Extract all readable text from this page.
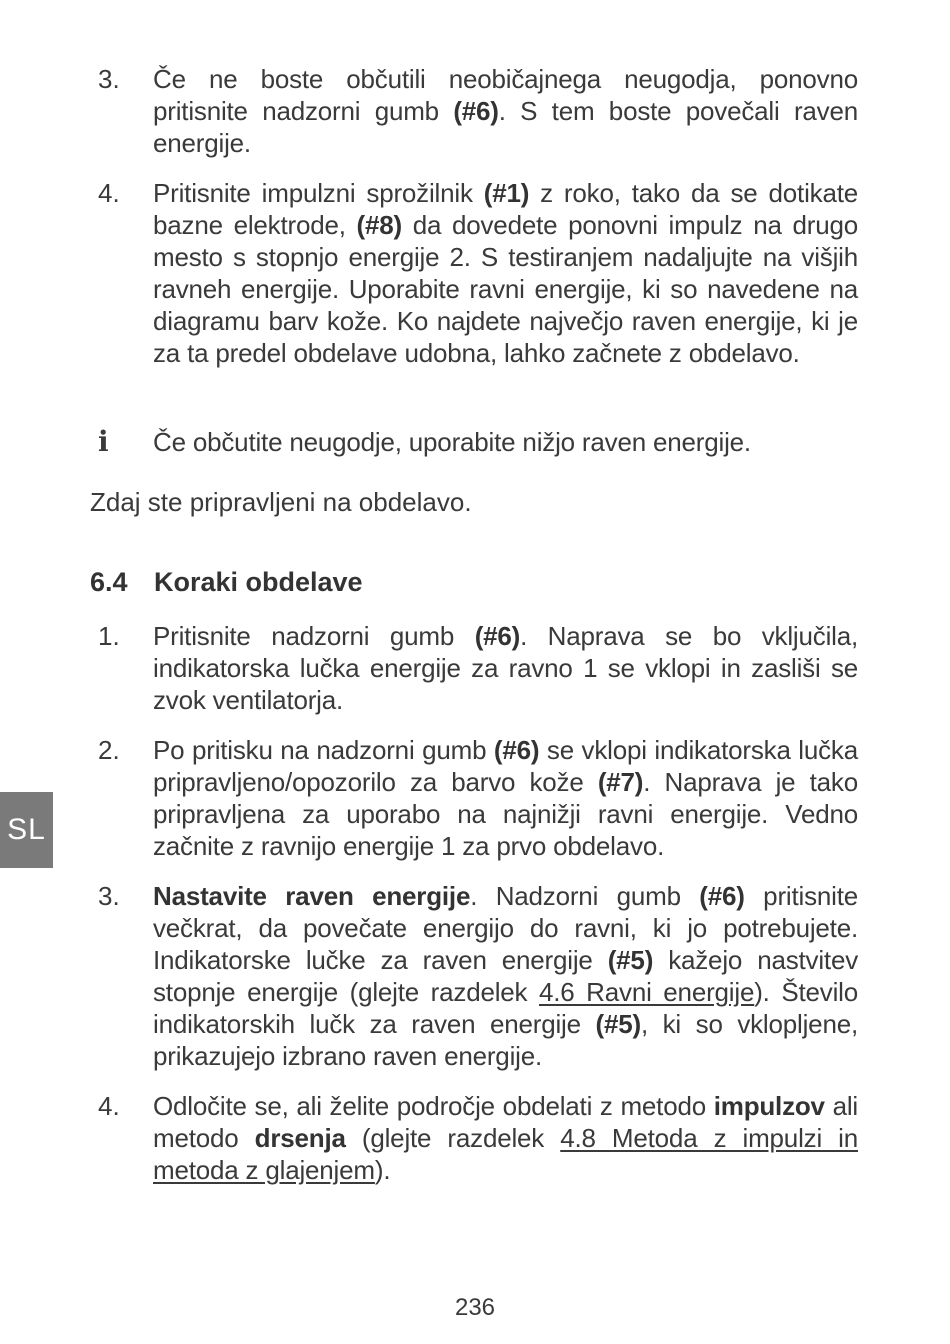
3.	Če ne boste občutili neobičajnega neugodja, ponovno pritisnite nadzorni gumb (#6). S tem boste povečali raven energije.
4.	Pritisnite impulzni sprožilnik (#1) z roko, tako da se dotikate bazne elektrode, (#8) da dovedete ponovni impulz na drugo mesto s stopnjo energije 2. S testiranjem nadaljujte na višjih ravneh energije. Uporabite ravni energije, ki so navedene na diagramu barv kože. Ko najdete največjo raven energije, ki je za ta predel obdelave udobna, lahko začnete z obdelavo.
i	Če občutite neugodje, uporabite nižjo raven energije.
Zdaj ste pripravljeni na obdelavo.
6.4 Koraki obdelave
1.	Pritisnite nadzorni gumb (#6). Naprava se bo vključila, indikatorska lučka energije za ravno 1 se vklopi in zasliši se zvok ventilatorja.
2.	Po pritisku na nadzorni gumb (#6) se vklopi indikatorska lučka pripravljeno/opozorilo za barvo kože (#7). Naprava je tako pripravljena za uporabo na najnižji ravni energije. Vedno začnite z ravnijo energije 1 za prvo obdelavo.
3.	Nastavite raven energije. Nadzorni gumb (#6) pritisnite večkrat, da povečate energijo do ravni, ki jo potrebujete. Indikatorske lučke za raven energije (#5) kažejo nastvitev stopnje energije (glejte razdelek 4.6 Ravni energije). Število indikatorskih lučk za raven energije (#5), ki so vklopljene, prikazujejo izbrano raven energije.
4.	Odločite se, ali želite področje obdelati z metodo impulzov ali metodo drsenja (glejte razdelek 4.8 Metoda z impulzi in metoda z glajenjem).
SL
236
